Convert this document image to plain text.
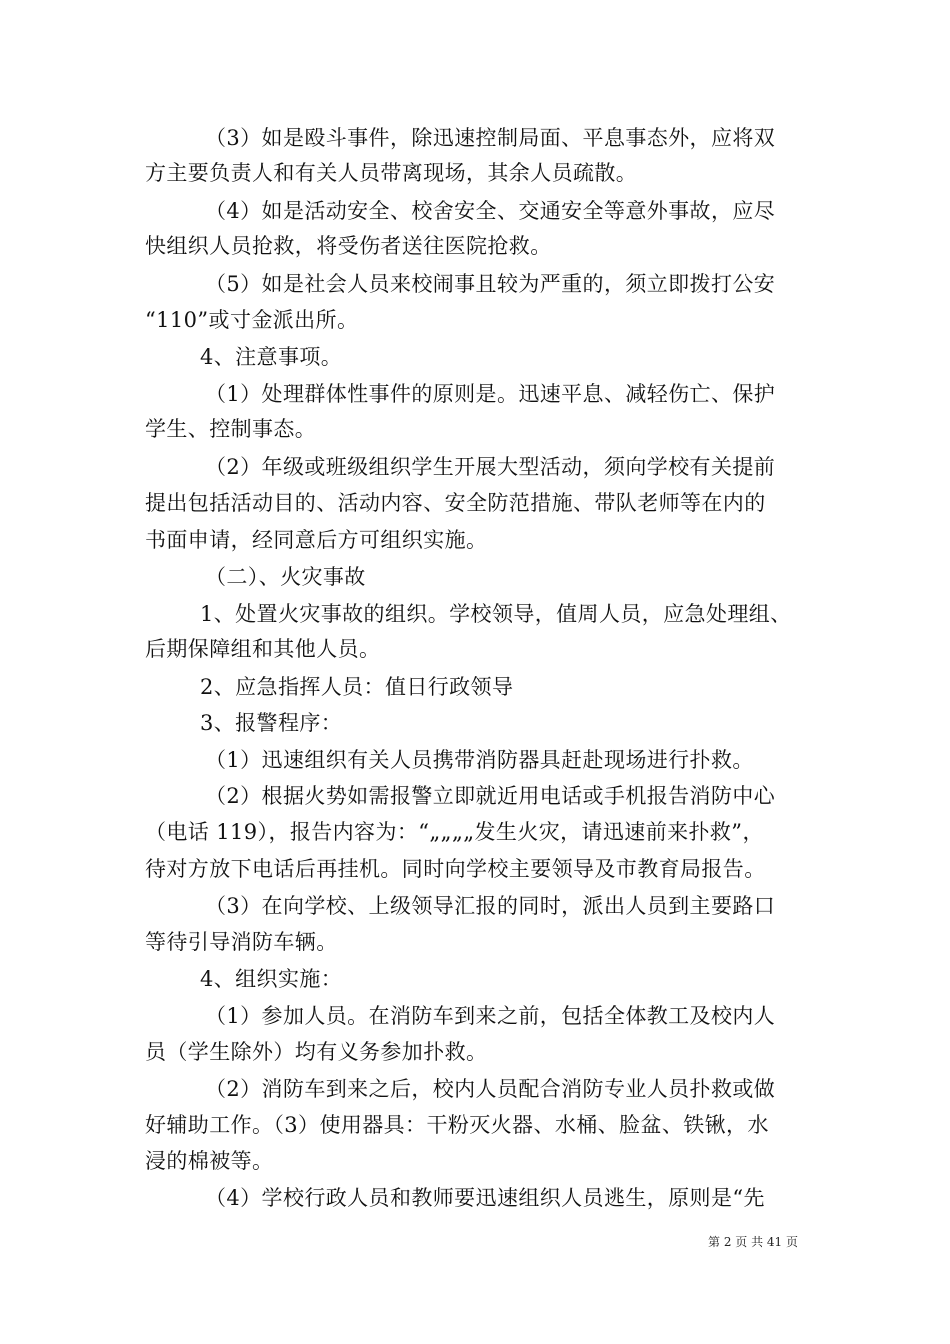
（3）如是殴斗事件，除迅速控制局面、平息事态外，应将双
方主要负责人和有关人员带离现场，其余人员疏散。
（4）如是活动安全、校舍安全、交通安全等意外事故，应尽
快组织人员抢救，将受伤者送往医院抢救。
（5）如是社会人员来校闹事且较为严重的，须立即拨打公安
“110”或寸金派出所。
4、注意事项。
（1）处理群体性事件的原则是。迅速平息、减轻伤亡、保护
学生、控制事态。
（2）年级或班级组织学生开展大型活动，须向学校有关提前
提出包括活动目的、活动内容、安全防范措施、带队老师等在内的
书面申请，经同意后方可组织实施。
（二）、火灾事故
1、处置火灾事故的组织。学校领导，值周人员，应急处理组、
后期保障组和其他人员。
2、应急指挥人员：值日行政领导
3、报警程序：
（1）迅速组织有关人员携带消防器具赶赴现场进行扑救。
（2）根据火势如需报警立即就近用电话或手机报告消防中心
（电话 119），报告内容为：“„„„„发生火灾，请迅速前来扑救”，
待对方放下电话后再挂机。同时向学校主要领导及市教育局报告。
（3）在向学校、上级领导汇报的同时，派出人员到主要路口
等待引导消防车辆。
4、组织实施：
（1）参加人员。在消防车到来之前，包括全体教工及校内人
员（学生除外）均有义务参加扑救。
（2）消防车到来之后，校内人员配合消防专业人员扑救或做
好辅助工作。（3）使用器具：干粉灭火器、水桶、脸盆、铁锹，水
浸的棉被等。
（4）学校行政人员和教师要迅速组织人员逃生，原则是“先
第 2 页 共 41 页
